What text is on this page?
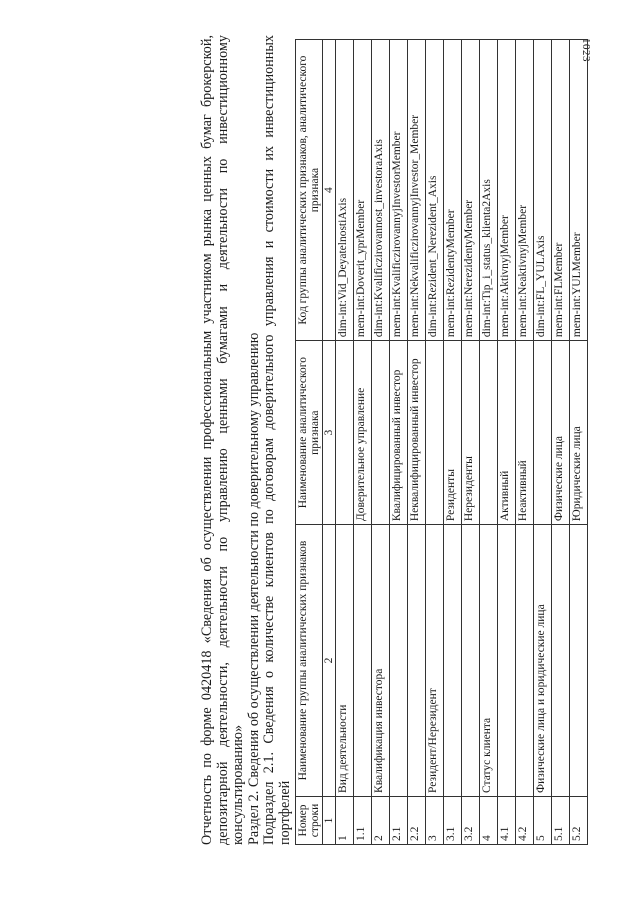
1023

Отчетность по форме 0420418 «Сведения об осуществлении профессиональным участником рынка ценных бумаг брокерской, депозитарной деятельности, деятельности по управлению ценными бумагами и деятельности по инвестиционному консультированию» Раздел 2. Сведения об осуществлении деятельности по доверительному управлению Подраздел 2.1. Сведения о количестве клиентов по договорам доверительного управления и стоимости их инвестиционных портфелей Номер строки	Наименование группы аналитических признаков	Наименование аналитического признака	Код группы аналитических признаков, аналитического признака
1	2	3	4
1	Вид деятельности		dim-int:Vid_DeyatelnostiAxis
1.1		Доверительное управление	mem-int:Doverit_yprMember
2	Квалификация инвестора		dim-int:Kvalifìczirovannost_investoraAxis
2.1		Квалифицированный инвестор	mem-int:KvalificzirovannyjInvestorMember
2.2		Неквалифицированный инвестор	mem-int:NekvalificzirovannyjInvestor_Member
3	Резидент/Нерезидент		dim-int:Rezident_Nerezident_Axis
3.1		Резиденты	mem-int:RezidentyMember
3.2		Нерезиденты	mem-int:NerezidentyMember
4	Статус клиента		dim-int:Tip_i_status_klienta2Axis
4.1		Активный	mem-int:AktivnyjMember
4.2		Неактивный	mem-int:NeaktivnyjMember
5	Физические лица и юридические лица		dim-int:FL_YULAxis
5.1		Физические лица	mem-int:FLMember
5.2		Юридические лица	mem-int:YULMember
